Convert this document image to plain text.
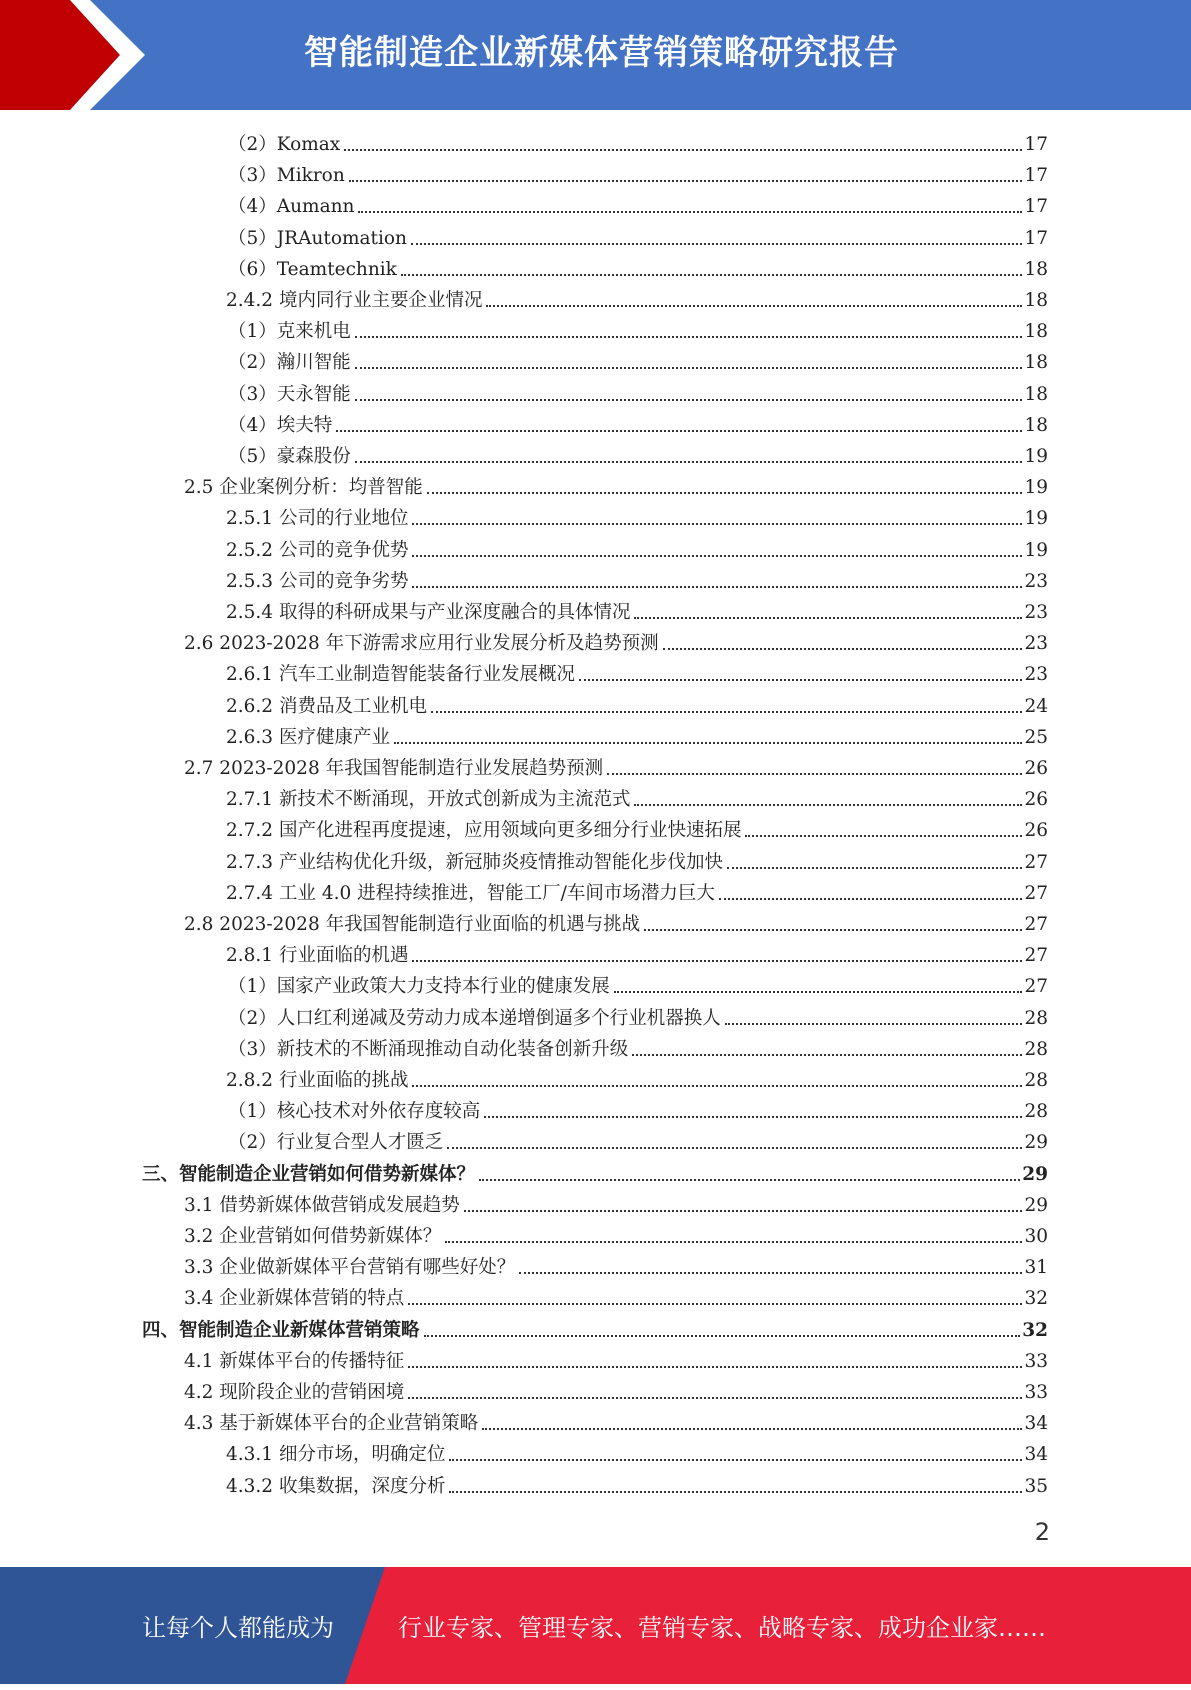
智能制造企业新媒体营销策略研究报告
（2）Komax	17
（3）Mikron	17
（4）Aumann	17
（5）JRAutomation	17
（6）Teamtechnik	18
2.4.2 境内同行业主要企业情况	18
（1）克来机电	18
（2）瀚川智能	18
（3）天永智能	18
（4）埃夫特	18
（5）豪森股份	19
2.5 企业案例分析：均普智能	19
2.5.1 公司的行业地位	19
2.5.2 公司的竞争优势	19
2.5.3 公司的竞争劣势	23
2.5.4 取得的科研成果与产业深度融合的具体情况	23
2.6 2023-2028 年下游需求应用行业发展分析及趋势预测	23
2.6.1 汽车工业制造智能装备行业发展概况	23
2.6.2 消费品及工业机电	24
2.6.3 医疗健康产业	25
2.7 2023-2028 年我国智能制造行业发展趋势预测	26
2.7.1 新技术不断涌现，开放式创新成为主流范式	26
2.7.2 国产化进程再度提速，应用领域向更多细分行业快速拓展	26
2.7.3 产业结构优化升级，新冠肺炎疫情推动智能化步伐加快	27
2.7.4 工业 4.0 进程持续推进，智能工厂/车间市场潜力巨大	27
2.8 2023-2028 年我国智能制造行业面临的机遇与挑战	27
2.8.1 行业面临的机遇	27
（1）国家产业政策大力支持本行业的健康发展	27
（2）人口红利递减及劳动力成本递增倒逼多个行业机器换人	28
（3）新技术的不断涌现推动自动化装备创新升级	28
2.8.2 行业面临的挑战	28
（1）核心技术对外依存度较高	28
（2）行业复合型人才匮乏	29
三、智能制造企业营销如何借势新媒体？	29
3.1 借势新媒体做营销成发展趋势	29
3.2 企业营销如何借势新媒体？	30
3.3 企业做新媒体平台营销有哪些好处？	31
3.4 企业新媒体营销的特点	32
四、智能制造企业新媒体营销策略	32
4.1 新媒体平台的传播特征	33
4.2 现阶段企业的营销困境	33
4.3 基于新媒体平台的企业营销策略	34
4.3.1 细分市场，明确定位	34
4.3.2 收集数据，深度分析	35
2
让每个人都能成为	行业专家、管理专家、营销专家、战略专家、成功企业家……
